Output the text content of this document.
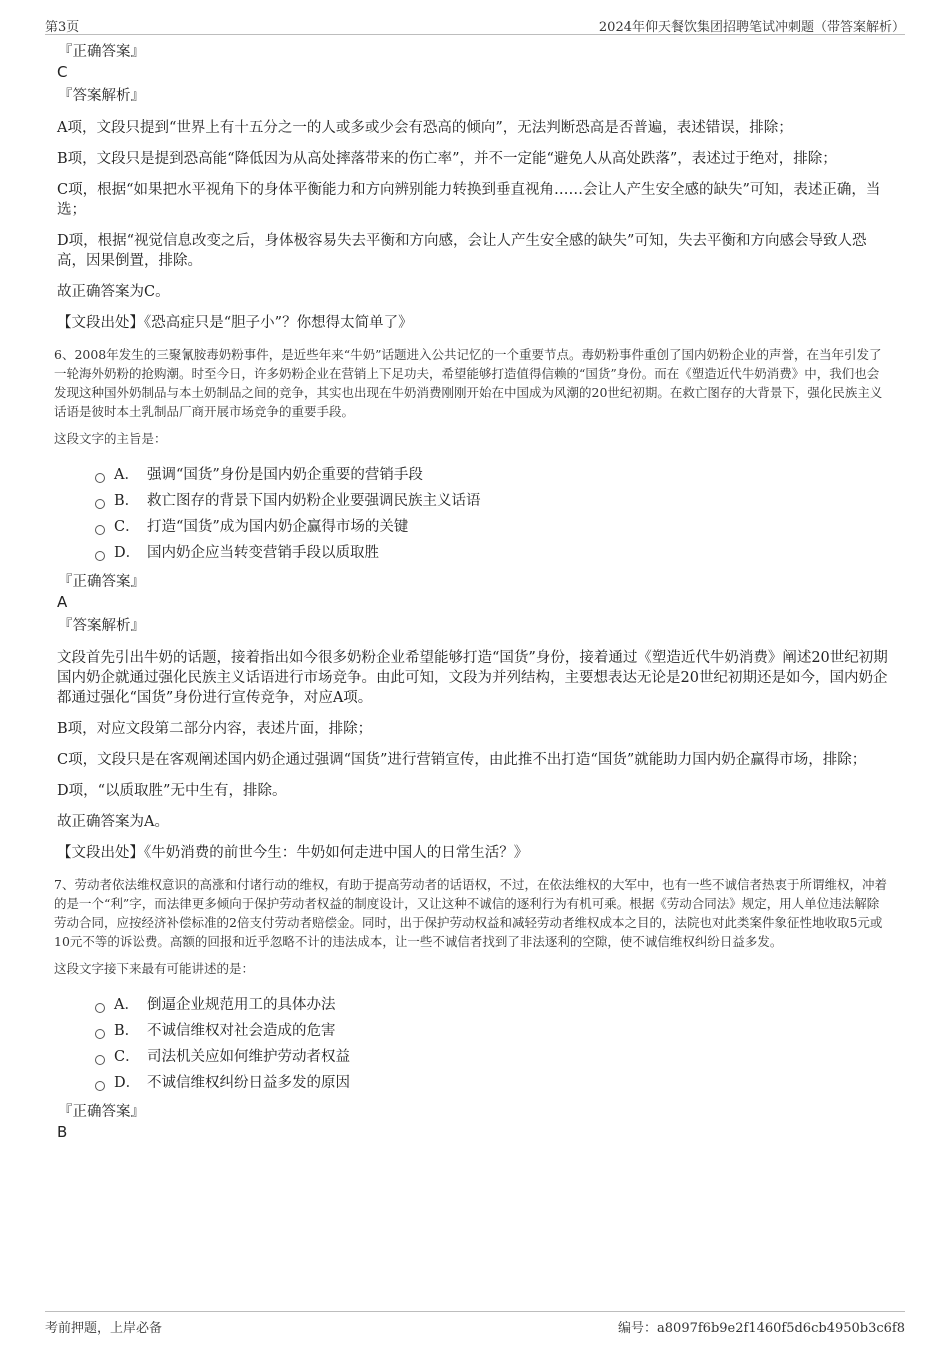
第3页	2024年仰天餐饮集团招聘笔试冲刺题（带答案解析）
『正确答案』
C
『答案解析』
A项，文段只提到“世界上有十五分之一的人或多或少会有恐高的倾向”，无法判断恐高是否普遍，表述错误，排除；
B项，文段只是提到恐高能“降低因为从高处摔落带来的伤亡率”，并不一定能“避免人从高处跌落”，表述过于绝对，排除；
C项，根据“如果把水平视角下的身体平衡能力和方向辨别能力转换到垂直视角……会让人产生安全感的缺失”可知，表述正确，当选；
D项，根据“视觉信息改变之后，身体极容易失去平衡和方向感，会让人产生安全感的缺失”可知，失去平衡和方向感会导致人恐高，因果倒置，排除。
故正确答案为C。
【文段出处】《恐高症只是“胆子小”？你想得太简单了》
6、2008年发生的三聚氰胺毒奶粉事件，是近些年来“牛奶”话题进入公共记忆的一个重要节点。毒奶粉事件重创了国内奶粉企业的声誉，在当年引发了一轮海外奶粉的抢购潮。时至今日，许多奶粉企业在营销上下足功夫，希望能够打造值得信赖的“国货”身份。而在《塑造近代牛奶消费》中，我们也会发现这种国外奶制品与本土奶制品之间的竞争，其实也出现在牛奶消费刚刚开始在中国成为风潮的20世纪初期。在救亡图存的大背景下，强化民族主义话语是彼时本土乳制品厂商开展市场竞争的重要手段。
这段文字的主旨是：
A． 强调“国货”身份是国内奶企重要的营销手段
B． 救亡图存的背景下国内奶粉企业要强调民族主义话语
C． 打造“国货”成为国内奶企赢得市场的关键
D． 国内奶企应当转变营销手段以质取胜
『正确答案』
A
『答案解析』
文段首先引出牛奶的话题，接着指出如今很多奶粉企业希望能够打造“国货”身份，接着通过《塑造近代牛奶消费》阐述20世纪初期国内奶企就通过强化民族主义话语进行市场竞争。由此可知，文段为并列结构，主要想表达无论是20世纪初期还是如今，国内奶企都通过强化“国货”身份进行宣传竞争，对应A项。
B项，对应文段第二部分内容，表述片面，排除；
C项，文段只是在客观阐述国内奶企通过强调“国货”进行营销宣传，由此推不出打造“国货”就能助力国内奶企赢得市场，排除；
D项，“以质取胜”无中生有，排除。
故正确答案为A。
【文段出处】《牛奶消费的前世今生：牛奶如何走进中国人的日常生活？》
7、劳动者依法维权意识的高涨和付诸行动的维权，有助于提高劳动者的话语权，不过，在依法维权的大军中，也有一些不诚信者热衷于所谓维权，冲着的是一个“利”字，而法律更多倾向于保护劳动者权益的制度设计，又让这种不诚信的逐利行为有机可乘。根据《劳动合同法》规定，用人单位违法解除劳动合同，应按经济补偿标准的2倍支付劳动者赔偿金。同时，出于保护劳动权益和减轻劳动者维权成本之目的，法院也对此类案件象征性地收取5元或10元不等的诉讼费。高额的回报和近乎忽略不计的违法成本，让一些不诚信者找到了非法逐利的空隙，使不诚信维权纠纷日益多发。
这段文字接下来最有可能讲述的是：
A． 倒逼企业规范用工的具体办法
B． 不诚信维权对社会造成的危害
C． 司法机关应如何维护劳动者权益
D． 不诚信维权纠纷日益多发的原因
『正确答案』
B
考前押题，上岸必备	编号：a8097f6b9e2f1460f5d6cb4950b3c6f8
